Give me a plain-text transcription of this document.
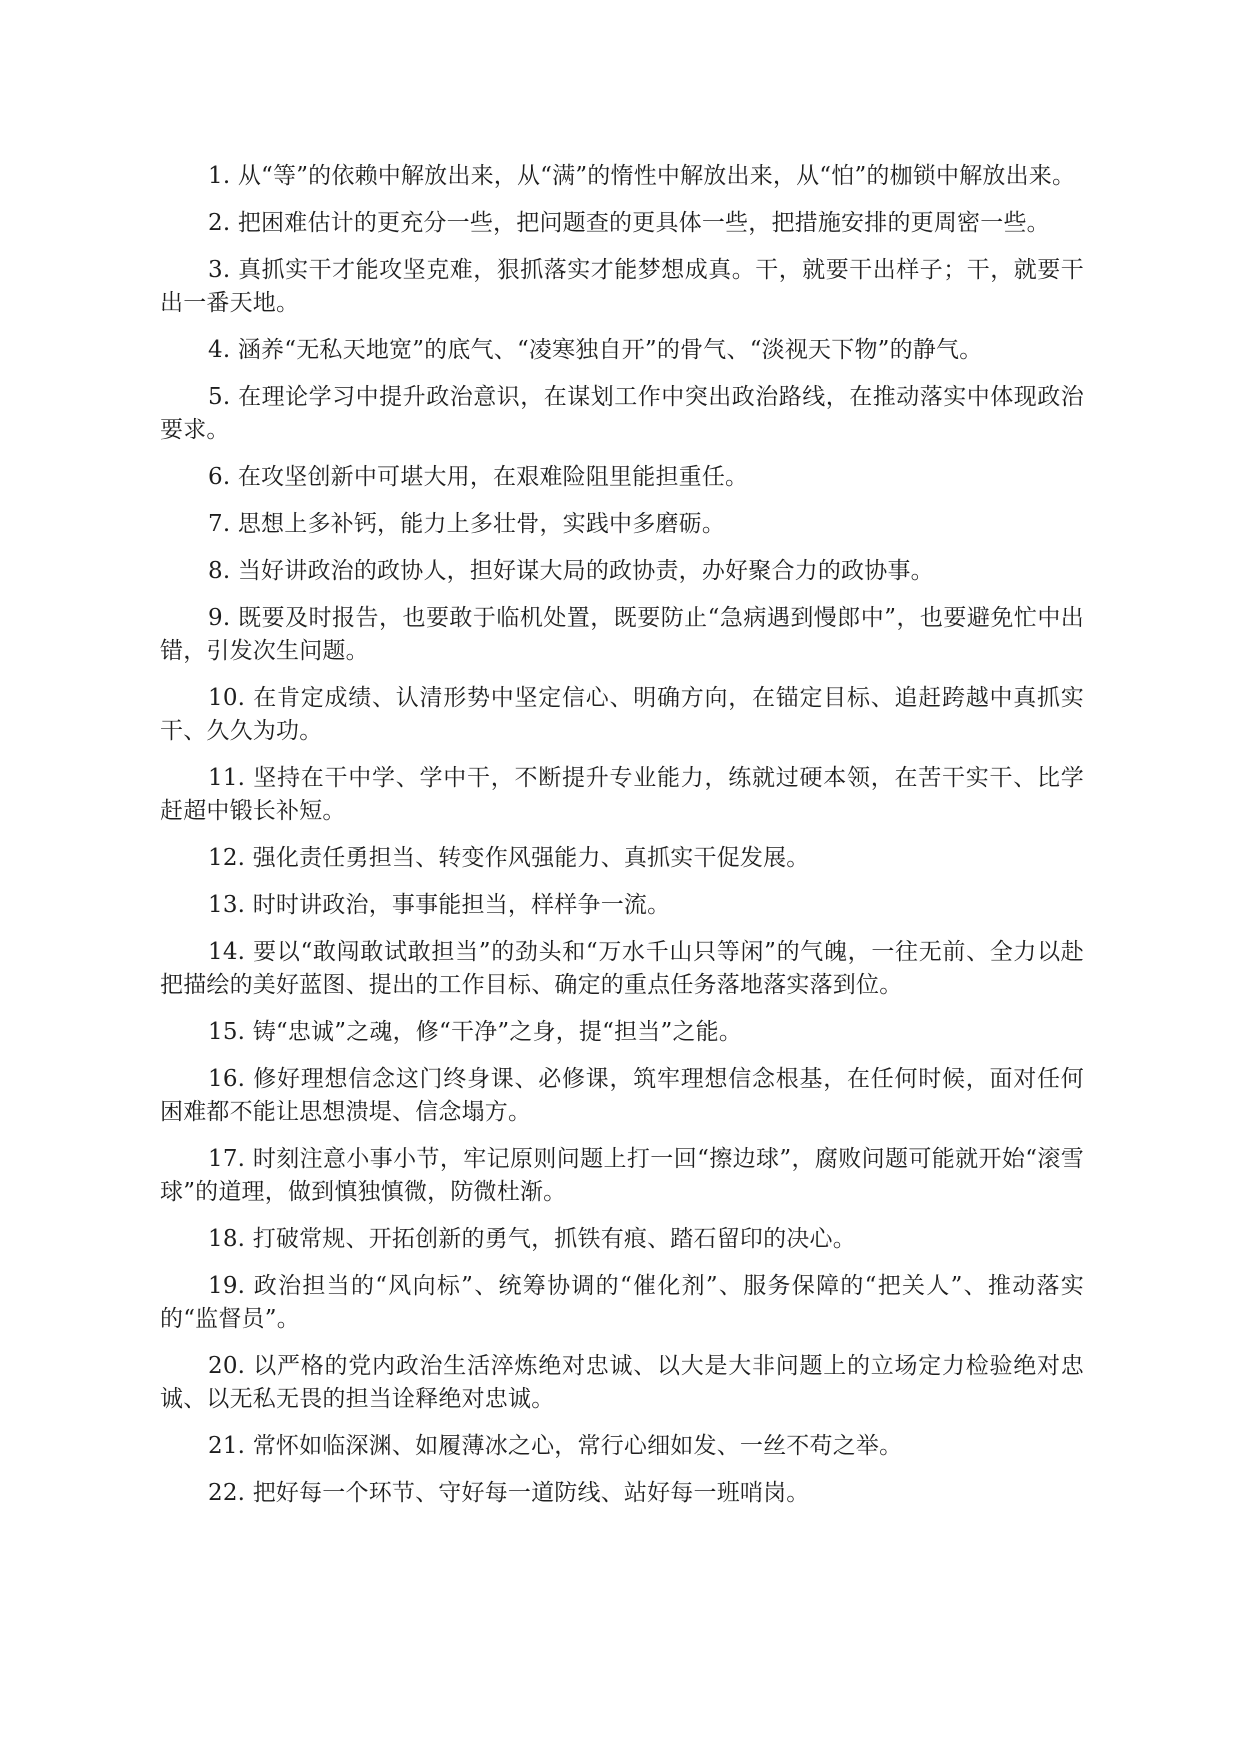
1. 从“等”的依赖中解放出来，从“满”的惰性中解放出来，从“怕”的枷锁中解放出来。

2. 把困难估计的更充分一些，把问题查的更具体一些，把措施安排的更周密一些。

3. 真抓实干才能攻坚克难，狠抓落实才能梦想成真。干，就要干出样子；干，就要干出一番天地。

4. 涵养“无私天地宽”的底气、“凌寒独自开”的骨气、“淡视天下物”的静气。

5. 在理论学习中提升政治意识，在谋划工作中突出政治路线，在推动落实中体现政治要求。

6. 在攻坚创新中可堪大用，在艰难险阻里能担重任。

7. 思想上多补钙，能力上多壮骨，实践中多磨砺。

8. 当好讲政治的政协人，担好谋大局的政协责，办好聚合力的政协事。

9. 既要及时报告，也要敢于临机处置，既要防止“急病遇到慢郎中”，也要避免忙中出错，引发次生问题。

10. 在肯定成绩、认清形势中坚定信心、明确方向，在锚定目标、追赶跨越中真抓实干、久久为功。

11. 坚持在干中学、学中干，不断提升专业能力，练就过硬本领，在苦干实干、比学赶超中锻长补短。

12. 强化责任勇担当、转变作风强能力、真抓实干促发展。

13. 时时讲政治，事事能担当，样样争一流。

14. 要以“敢闯敢试敢担当”的劲头和“万水千山只等闲”的气魄，一往无前、全力以赴把描绘的美好蓝图、提出的工作目标、确定的重点任务落地落实落到位。

15. 铸“忠诚”之魂，修“干净”之身，提“担当”之能。

16. 修好理想信念这门终身课、必修课，筑牢理想信念根基，在任何时候，面对任何困难都不能让思想溃堤、信念塌方。

17. 时刻注意小事小节，牢记原则问题上打一回“擦边球”，腐败问题可能就开始“滚雪球”的道理，做到慎独慎微，防微杜渐。

18. 打破常规、开拓创新的勇气，抓铁有痕、踏石留印的决心。

19. 政治担当的“风向标”、统筹协调的“催化剂”、服务保障的“把关人”、推动落实的“监督员”。

20. 以严格的党内政治生活淬炼绝对忠诚、以大是大非问题上的立场定力检验绝对忠诚、以无私无畏的担当诠释绝对忠诚。

21. 常怀如临深渊、如履薄冰之心，常行心细如发、一丝不苟之举。

22. 把好每一个环节、守好每一道防线、站好每一班哨岗。
